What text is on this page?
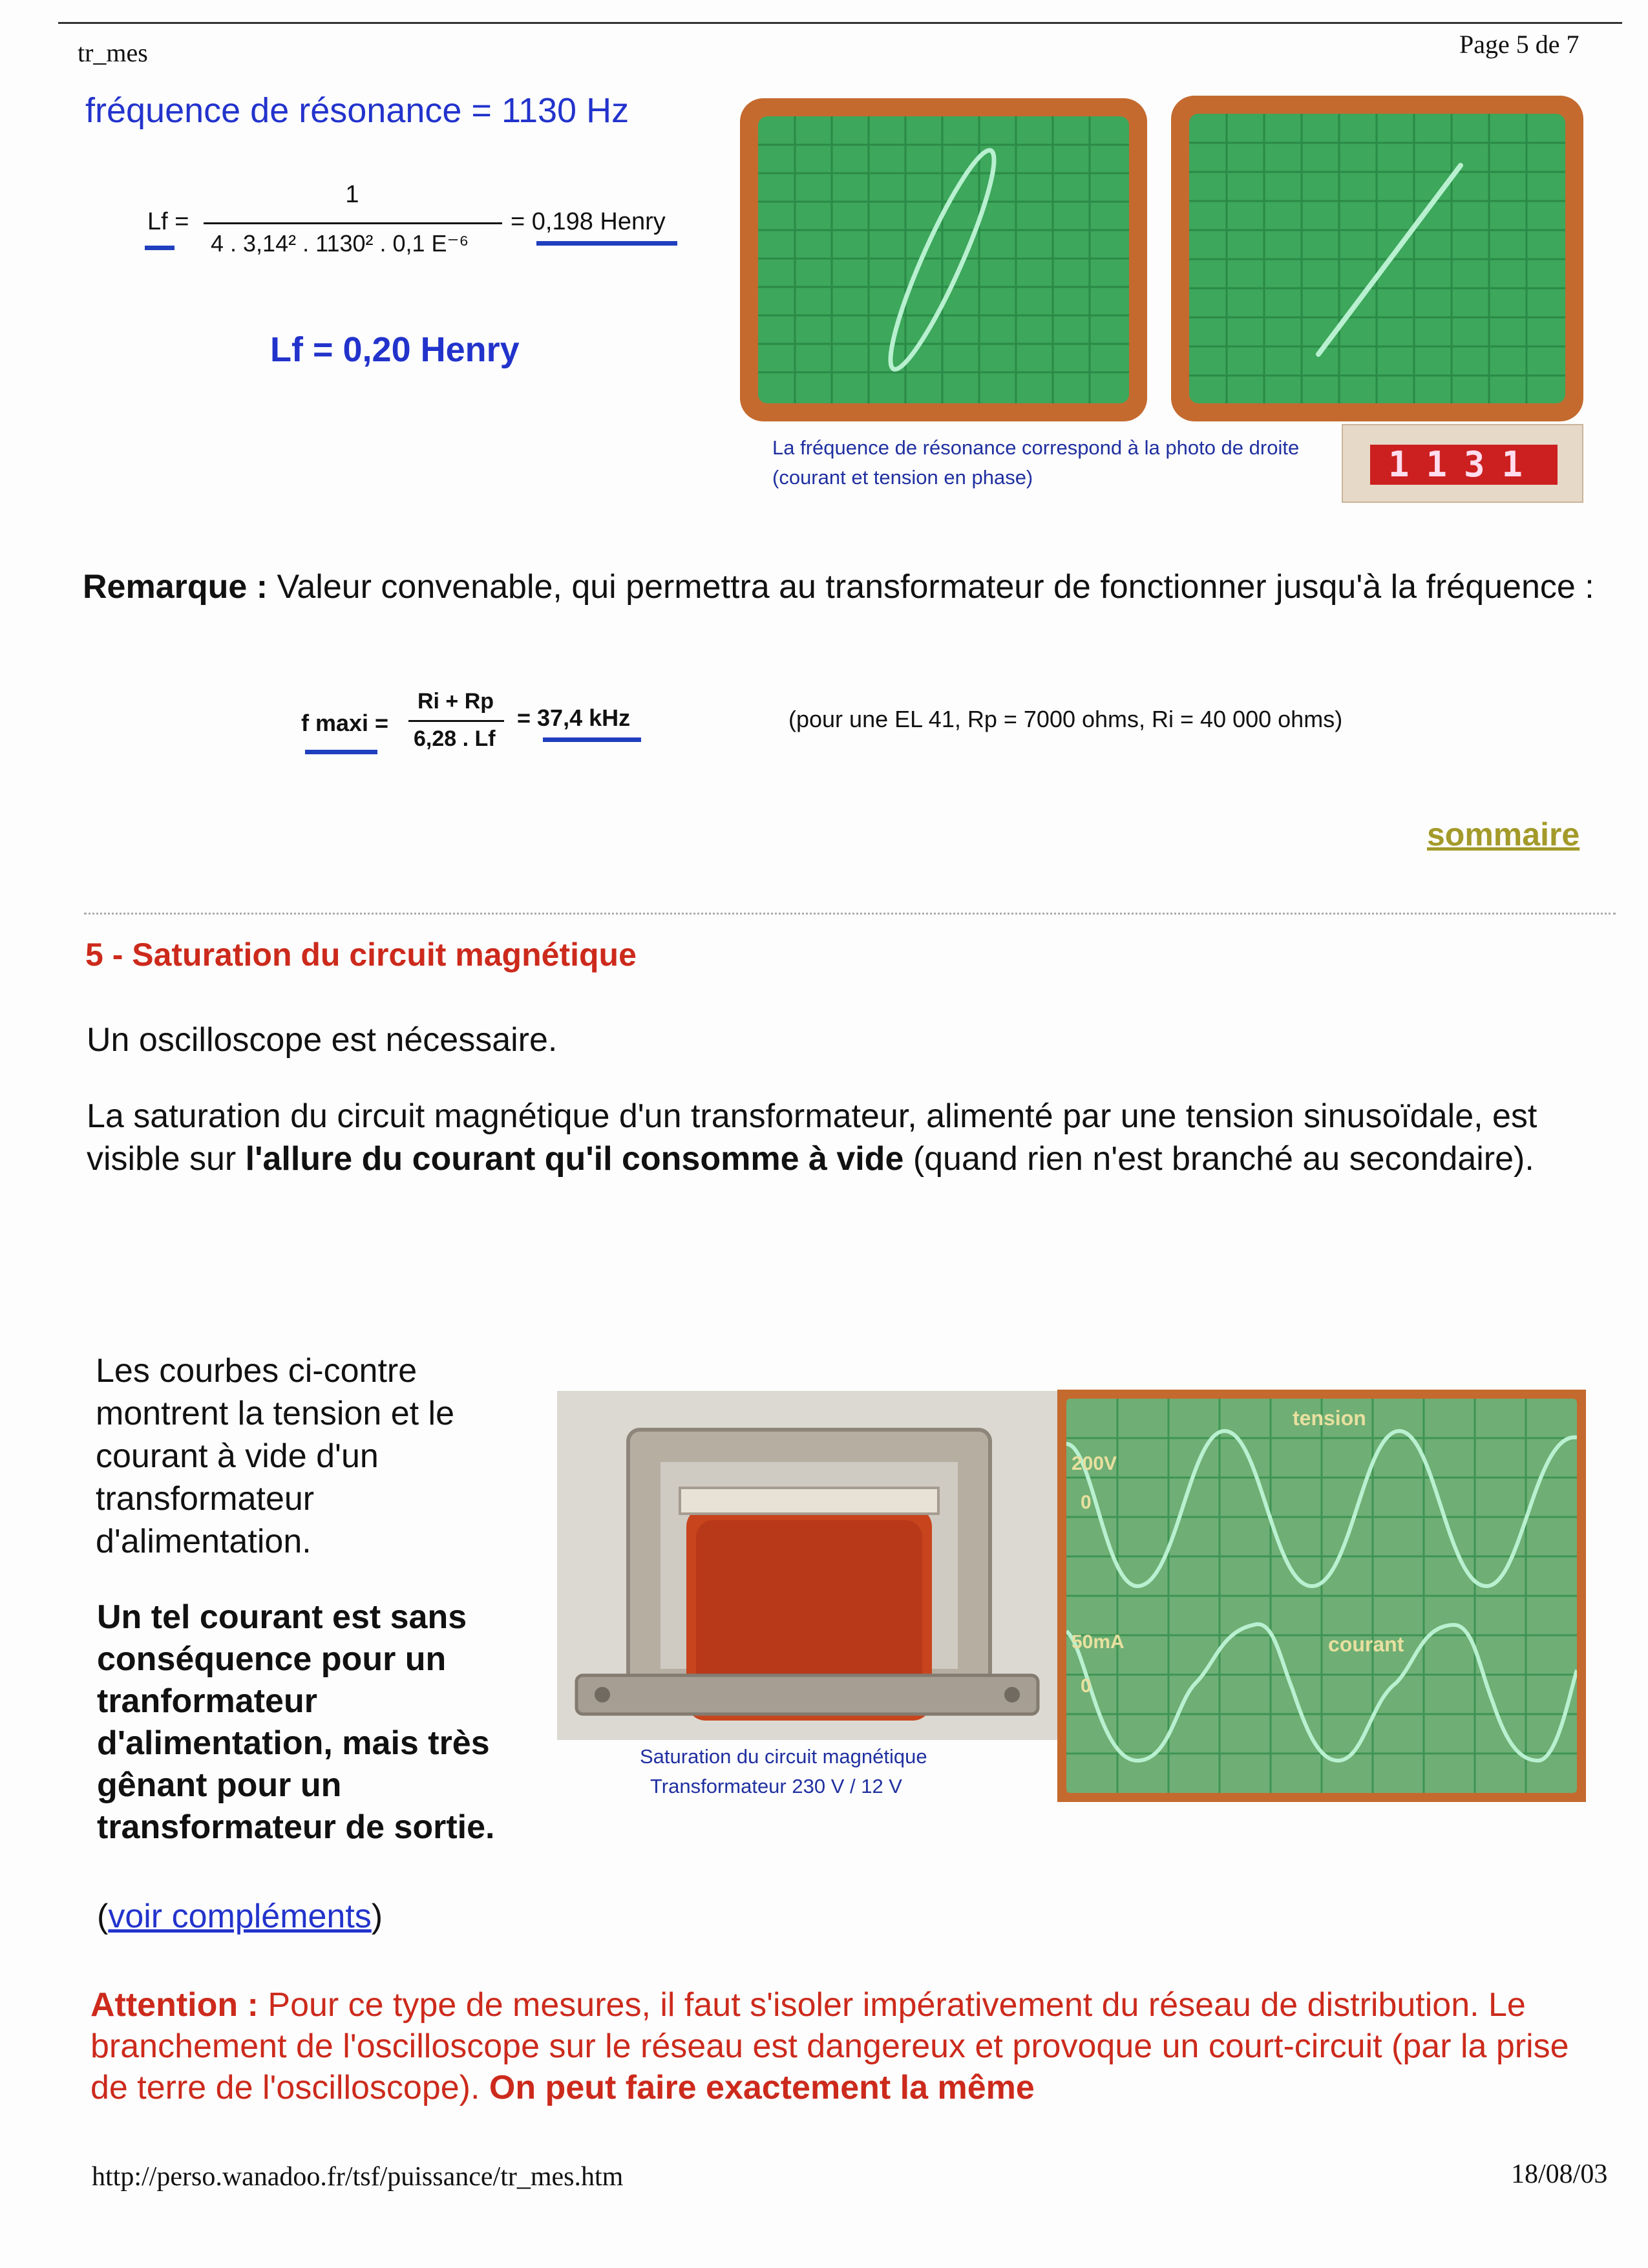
tr_mes	Page 5 de 7
fréquence de résonance = 1130 Hz
Lf =
1
4 . 3,14² . 1130² . 0,1 E⁻⁶
= 0,198 Henry
Lf = 0,20 Henry
La fréquence de résonance correspond à la photo de droite (courant et tension en phase)	1131
Remarque : Valeur convenable, qui permettra au transformateur de fonctionner jusqu'à la fréquence :
f maxi =
Ri + Rp
6,28 . Lf
= 37,4 kHz	(pour une EL 41, Rp = 7000 ohms, Ri = 40 000 ohms)
sommaire
5 - Saturation du circuit magnétique
Un oscilloscope est nécessaire.
La saturation du circuit magnétique d'un transformateur, alimenté par une tension sinusoïdale, est visible sur l'allure du courant qu'il consomme à vide (quand rien n'est branché au secondaire).
Les courbes ci-contre montrent la tension et le courant à vide d'un transformateur d'alimentation.
Un tel courant est sans conséquence pour un tranformateur d'alimentation, mais très gênant pour un transformateur de sortie.
(voir compléments)
Saturation du circuit magnétique
Transformateur 230 V / 12 V
tension
courant
200V
0
50mA
0
Attention : Pour ce type de mesures, il faut s'isoler impérativement du réseau de distribution. Le branchement de l'oscilloscope sur le réseau est dangereux et provoque un court-circuit (par la prise de terre de l'oscilloscope). On peut faire exactement la même
http://perso.wanadoo.fr/tsf/puissance/tr_mes.htm	18/08/03
